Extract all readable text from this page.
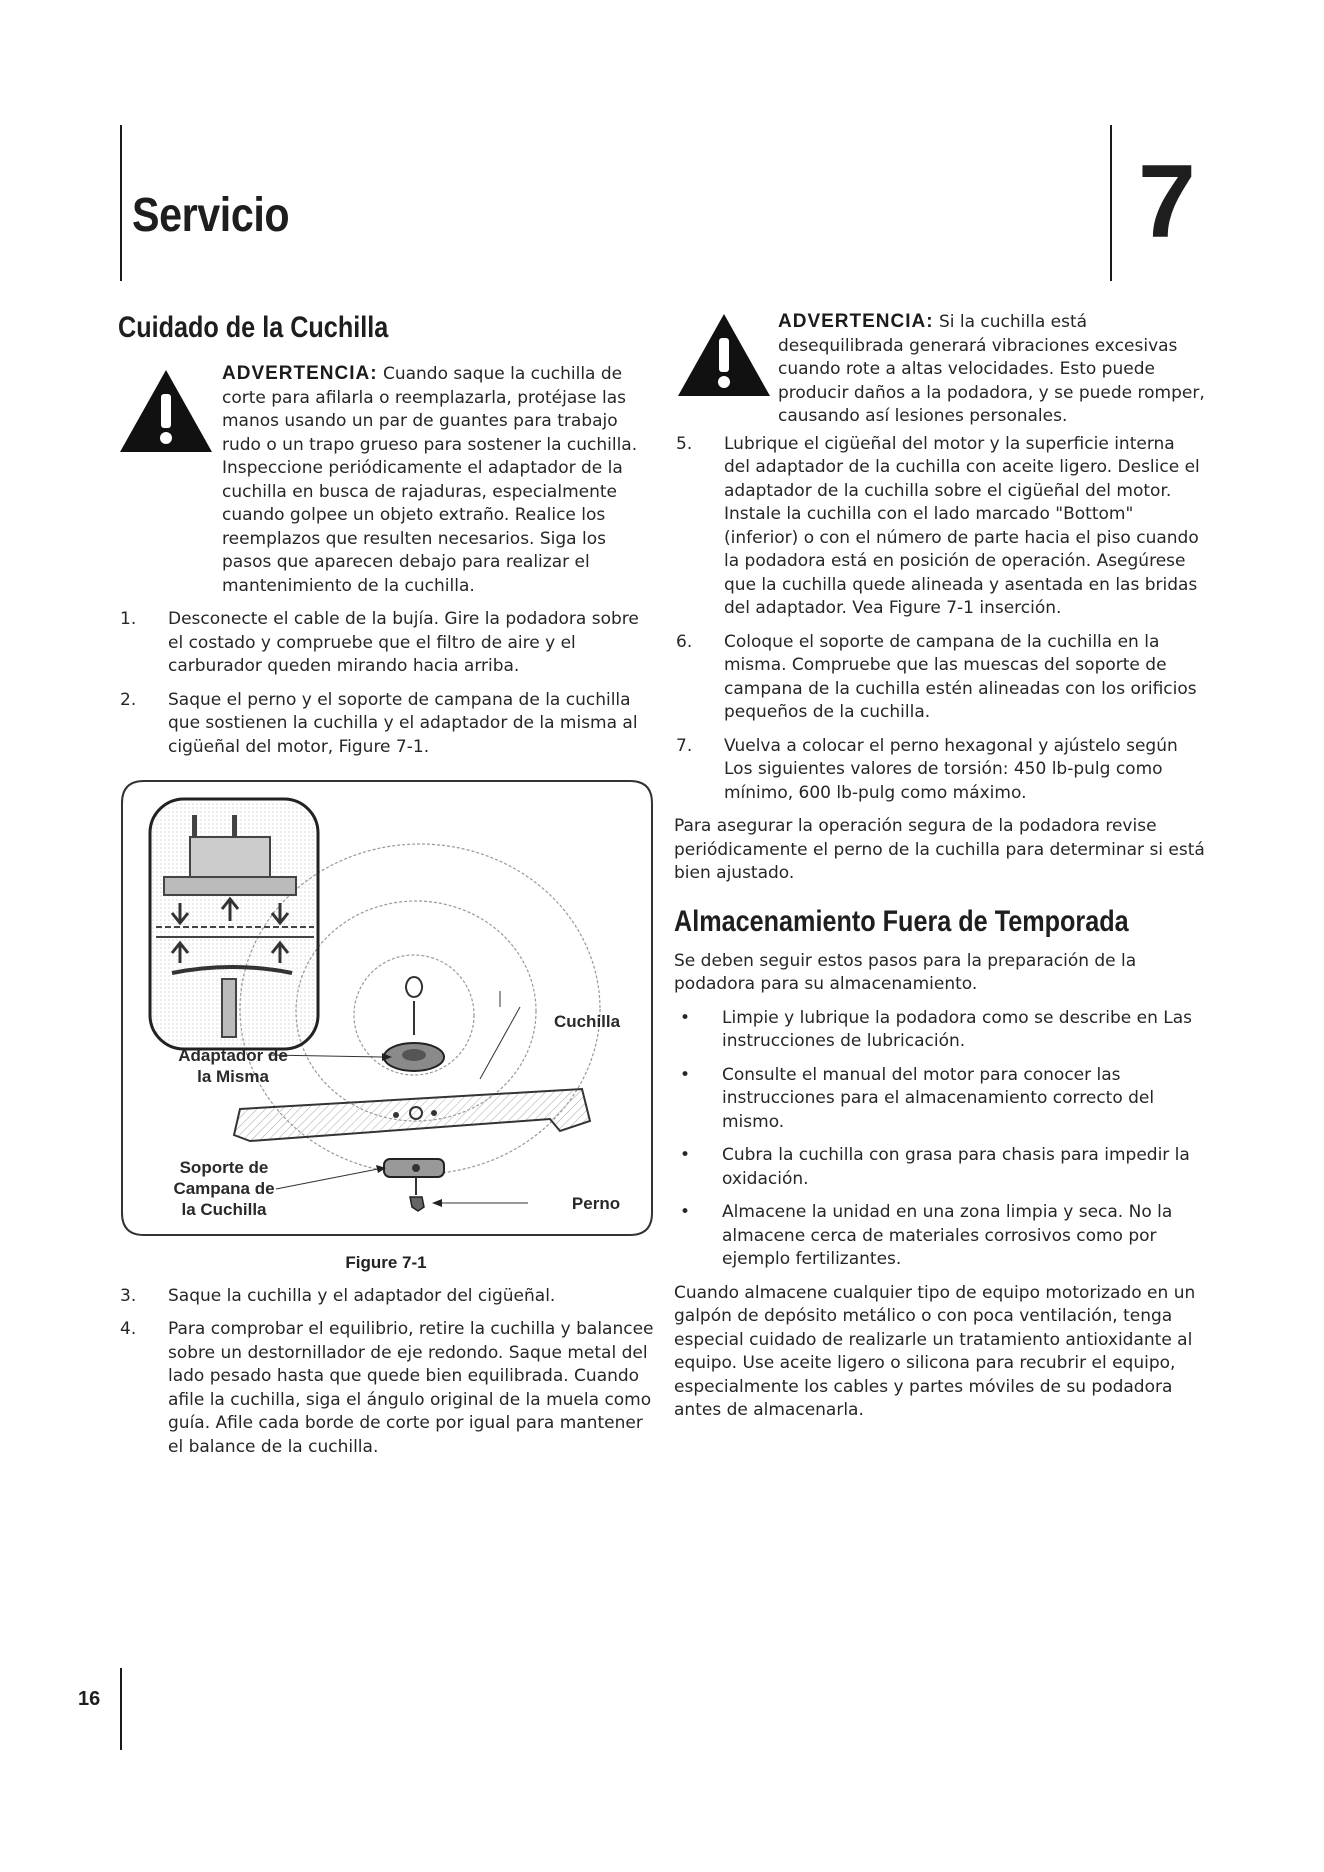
Servicio	7
16
Cuidado de la Cuchilla

ADVERTENCIA: Cuando saque la cuchilla de corte para afilarla o reemplazarla, protéjase las manos usando un par de guantes para trabajo rudo o un trapo grueso para sostener la cuchilla. Inspeccione periódicamente el adaptador de la cuchilla en busca de rajaduras, especialmente cuando golpee un objeto extraño. Realice los reemplazos que resulten necesarios. Siga los pasos que aparecen debajo para realizar el mantenimiento de la cuchilla.

1. Desconecte el cable de la bujía. Gire la podadora sobre el costado y compruebe que el filtro de aire y el carburador queden mirando hacia arriba.

2. Saque el perno y el soporte de campana de la cuchilla que sostienen la cuchilla y el adaptador de la misma al cigüeñal del motor, Figure 7-1.

Cuchilla
Adaptador de
la Misma
Soporte de
Campana de
la Cuchilla	Perno
Figure 7-1
3. Saque la cuchilla y el adaptador del cigüeñal.

4. Para comprobar el equilibrio, retire la cuchilla y balancee sobre un destornillador de eje redondo. Saque metal del lado pesado hasta que quede bien equilibrada. Cuando afile la cuchilla, siga el ángulo original de la muela como guía. Afile cada borde de corte por igual para mantener el balance de la cuchilla.

ADVERTENCIA: Si la cuchilla está desequilibrada generará vibraciones excesivas cuando rote a altas velocidades. Esto puede producir daños a la podadora, y se puede romper, causando así lesiones personales.

5. Lubrique el cigüeñal del motor y la superficie interna del adaptador de la cuchilla con aceite ligero. Deslice el adaptador de la cuchilla sobre el cigüeñal del motor. Instale la cuchilla con el lado marcado "Bottom" (inferior) o con el número de parte hacia el piso cuando la podadora está en posición de operación. Asegúrese que la cuchilla quede alineada y asentada en las bridas del adaptador. Vea Figure 7-1 inserción.

6. Coloque el soporte de campana de la cuchilla en la misma. Compruebe que las muescas del soporte de campana de la cuchilla estén alineadas con los orificios pequeños de la cuchilla.

7. Vuelva a colocar el perno hexagonal y ajústelo según Los siguientes valores de torsión: 450 lb-pulg como mínimo, 600 lb-pulg como máximo.

Para asegurar la operación segura de la podadora revise periódicamente el perno de la cuchilla para determinar si está bien ajustado.

Almacenamiento Fuera de Temporada

Se deben seguir estos pasos para la preparación de la podadora para su almacenamiento.

• Limpie y lubrique la podadora como se describe en Las instrucciones de lubricación.

• Consulte el manual del motor para conocer las instrucciones para el almacenamiento correcto del mismo.

• Cubra la cuchilla con grasa para chasis para impedir la oxidación.

• Almacene la unidad en una zona limpia y seca. No la almacene cerca de materiales corrosivos como por ejemplo fertilizantes.

Cuando almacene cualquier tipo de equipo motorizado en un galpón de depósito metálico o con poca ventilación, tenga especial cuidado de realizarle un tratamiento antioxidante al equipo. Use aceite ligero o silicona para recubrir el equipo, especialmente los cables y partes móviles de su podadora antes de almacenarla.
